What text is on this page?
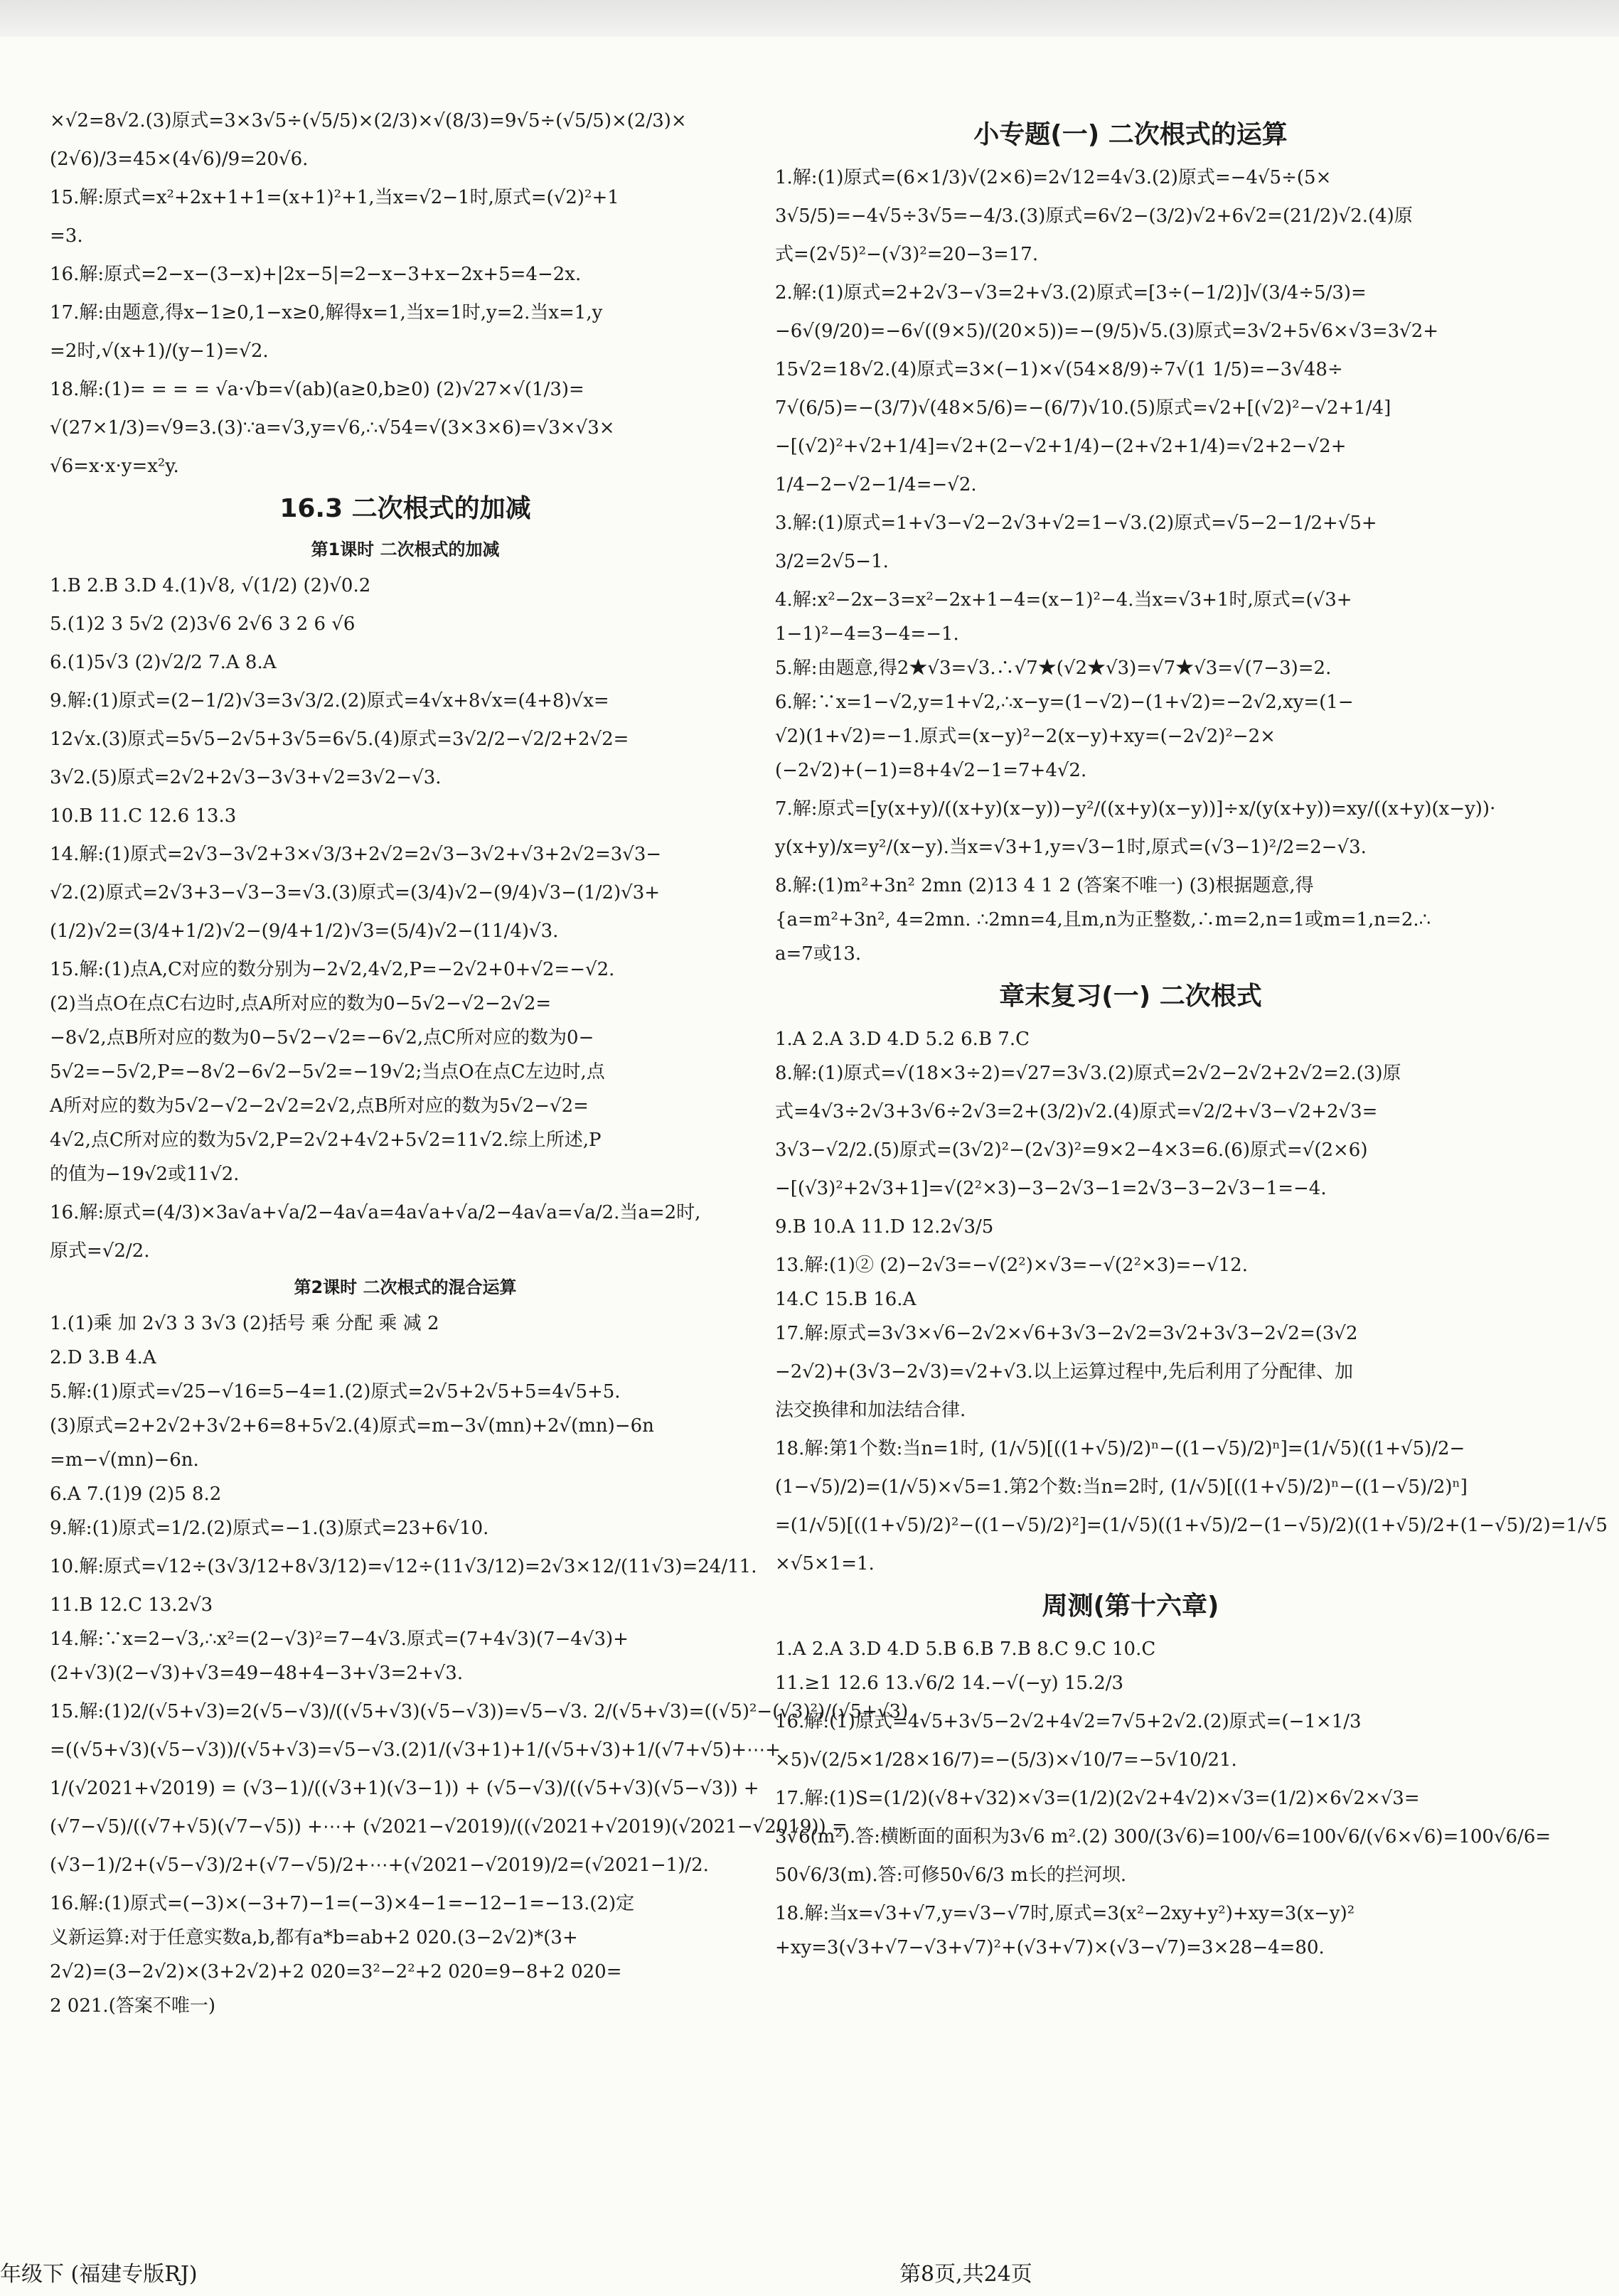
×√2=8√2.(3)原式=3×3√5÷(√5/5)×(2/3)×√(8/3)=9√5÷(√5/5)×(2/3)×
(2√6)/3=45×(4√6)/9=20√6.
15.解:原式=x²+2x+1+1=(x+1)²+1,当x=√2−1时,原式=(√2)²+1
=3.
16.解:原式=2−x−(3−x)+|2x−5|=2−x−3+x−2x+5=4−2x.
17.解:由题意,得x−1≥0,1−x≥0,解得x=1,当x=1时,y=2.当x=1,y
=2时,√(x+1)/(y−1)=√2.
18.解:(1)= = = = √a·√b=√(ab)(a≥0,b≥0) (2)√27×√(1/3)=
√(27×1/3)=√9=3.(3)∵a=√3,y=√6,∴√54=√(3×3×6)=√3×√3×
√6=x·x·y=x²y.
16.3 二次根式的加减
第1课时 二次根式的加减
1.B 2.B 3.D 4.(1)√8, √(1/2) (2)√0.2
5.(1)2 3 5√2 (2)3√6 2√6 3 2 6 √6
6.(1)5√3 (2)√2/2 7.A 8.A
9.解:(1)原式=(2−1/2)√3=3√3/2.(2)原式=4√x+8√x=(4+8)√x=
12√x.(3)原式=5√5−2√5+3√5=6√5.(4)原式=3√2/2−√2/2+2√2=
3√2.(5)原式=2√2+2√3−3√3+√2=3√2−√3.
10.B 11.C 12.6 13.3
14.解:(1)原式=2√3−3√2+3×√3/3+2√2=2√3−3√2+√3+2√2=3√3−
√2.(2)原式=2√3+3−√3−3=√3.(3)原式=(3/4)√2−(9/4)√3−(1/2)√3+
(1/2)√2=(3/4+1/2)√2−(9/4+1/2)√3=(5/4)√2−(11/4)√3.
15.解:(1)点A,C对应的数分别为−2√2,4√2,P=−2√2+0+√2=−√2.
(2)当点O在点C右边时,点A所对应的数为0−5√2−√2−2√2=
−8√2,点B所对应的数为0−5√2−√2=−6√2,点C所对应的数为0−
5√2=−5√2,P=−8√2−6√2−5√2=−19√2;当点O在点C左边时,点
A所对应的数为5√2−√2−2√2=2√2,点B所对应的数为5√2−√2=
4√2,点C所对应的数为5√2,P=2√2+4√2+5√2=11√2.综上所述,P
的值为−19√2或11√2.
16.解:原式=(4/3)×3a√a+√a/2−4a√a=4a√a+√a/2−4a√a=√a/2.当a=2时,
原式=√2/2.
第2课时 二次根式的混合运算
1.(1)乘 加 2√3 3 3√3 (2)括号 乘 分配 乘 减 2
2.D 3.B 4.A
5.解:(1)原式=√25−√16=5−4=1.(2)原式=2√5+2√5+5=4√5+5.
(3)原式=2+2√2+3√2+6=8+5√2.(4)原式=m−3√(mn)+2√(mn)−6n
=m−√(mn)−6n.
6.A 7.(1)9 (2)5 8.2
9.解:(1)原式=1/2.(2)原式=−1.(3)原式=23+6√10.
10.解:原式=√12÷(3√3/12+8√3/12)=√12÷(11√3/12)=2√3×12/(11√3)=24/11.
11.B 12.C 13.2√3
14.解:∵x=2−√3,∴x²=(2−√3)²=7−4√3.原式=(7+4√3)(7−4√3)+
(2+√3)(2−√3)+√3=49−48+4−3+√3=2+√3.
15.解:(1)2/(√5+√3)=2(√5−√3)/((√5+√3)(√5−√3))=√5−√3. 2/(√5+√3)=((√5)²−(√3)²)/(√5+√3)
=((√5+√3)(√5−√3))/(√5+√3)=√5−√3.(2)1/(√3+1)+1/(√5+√3)+1/(√7+√5)+⋯+
1/(√2021+√2019) = (√3−1)/((√3+1)(√3−1)) + (√5−√3)/((√5+√3)(√5−√3)) +
(√7−√5)/((√7+√5)(√7−√5)) +⋯+ (√2021−√2019)/((√2021+√2019)(√2021−√2019)) =
(√3−1)/2+(√5−√3)/2+(√7−√5)/2+⋯+(√2021−√2019)/2=(√2021−1)/2.
16.解:(1)原式=(−3)×(−3+7)−1=(−3)×4−1=−12−1=−13.(2)定
义新运算:对于任意实数a,b,都有a*b=ab+2 020.(3−2√2)*(3+
2√2)=(3−2√2)×(3+2√2)+2 020=3²−2²+2 020=9−8+2 020=
2 021.(答案不唯一)
小专题(一) 二次根式的运算
1.解:(1)原式=(6×1/3)√(2×6)=2√12=4√3.(2)原式=−4√5÷(5×
3√5/5)=−4√5÷3√5=−4/3.(3)原式=6√2−(3/2)√2+6√2=(21/2)√2.(4)原
式=(2√5)²−(√3)²=20−3=17.
2.解:(1)原式=2+2√3−√3=2+√3.(2)原式=[3÷(−1/2)]√(3/4÷5/3)=
−6√(9/20)=−6√((9×5)/(20×5))=−(9/5)√5.(3)原式=3√2+5√6×√3=3√2+
15√2=18√2.(4)原式=3×(−1)×√(54×8/9)÷7√(1 1/5)=−3√48÷
7√(6/5)=−(3/7)√(48×5/6)=−(6/7)√10.(5)原式=√2+[(√2)²−√2+1/4]
−[(√2)²+√2+1/4]=√2+(2−√2+1/4)−(2+√2+1/4)=√2+2−√2+
1/4−2−√2−1/4=−√2.
3.解:(1)原式=1+√3−√2−2√3+√2=1−√3.(2)原式=√5−2−1/2+√5+
3/2=2√5−1.
4.解:x²−2x−3=x²−2x+1−4=(x−1)²−4.当x=√3+1时,原式=(√3+
1−1)²−4=3−4=−1.
5.解:由题意,得2★√3=√3.∴√7★(√2★√3)=√7★√3=√(7−3)=2.
6.解:∵x=1−√2,y=1+√2,∴x−y=(1−√2)−(1+√2)=−2√2,xy=(1−
√2)(1+√2)=−1.原式=(x−y)²−2(x−y)+xy=(−2√2)²−2×
(−2√2)+(−1)=8+4√2−1=7+4√2.
7.解:原式=[y(x+y)/((x+y)(x−y))−y²/((x+y)(x−y))]÷x/(y(x+y))=xy/((x+y)(x−y))·
y(x+y)/x=y²/(x−y).当x=√3+1,y=√3−1时,原式=(√3−1)²/2=2−√3.
8.解:(1)m²+3n² 2mn (2)13 4 1 2 (答案不唯一) (3)根据题意,得
{a=m²+3n², 4=2mn. ∴2mn=4,且m,n为正整数,∴m=2,n=1或m=1,n=2.∴
a=7或13.
章末复习(一) 二次根式
1.A 2.A 3.D 4.D 5.2 6.B 7.C
8.解:(1)原式=√(18×3÷2)=√27=3√3.(2)原式=2√2−2√2+2√2=2.(3)原
式=4√3÷2√3+3√6÷2√3=2+(3/2)√2.(4)原式=√2/2+√3−√2+2√3=
3√3−√2/2.(5)原式=(3√2)²−(2√3)²=9×2−4×3=6.(6)原式=√(2×6)
−[(√3)²+2√3+1]=√(2²×3)−3−2√3−1=2√3−3−2√3−1=−4.
9.B 10.A 11.D 12.2√3/5
13.解:(1)② (2)−2√3=−√(2²)×√3=−√(2²×3)=−√12.
14.C 15.B 16.A
17.解:原式=3√3×√6−2√2×√6+3√3−2√2=3√2+3√3−2√2=(3√2
−2√2)+(3√3−2√3)=√2+√3.以上运算过程中,先后利用了分配律、加
法交换律和加法结合律.
18.解:第1个数:当n=1时, (1/√5)[((1+√5)/2)ⁿ−((1−√5)/2)ⁿ]=(1/√5)((1+√5)/2−
(1−√5)/2)=(1/√5)×√5=1.第2个数:当n=2时, (1/√5)[((1+√5)/2)ⁿ−((1−√5)/2)ⁿ]
=(1/√5)[((1+√5)/2)²−((1−√5)/2)²]=(1/√5)((1+√5)/2−(1−√5)/2)((1+√5)/2+(1−√5)/2)=1/√5
×√5×1=1.
周测(第十六章)
1.A 2.A 3.D 4.D 5.B 6.B 7.B 8.C 9.C 10.C
11.≥1 12.6 13.√6/2 14.−√(−y) 15.2/3
16.解:(1)原式=4√5+3√5−2√2+4√2=7√5+2√2.(2)原式=(−1×1/3
×5)√(2/5×1/28×16/7)=−(5/3)×√10/7=−5√10/21.
17.解:(1)S=(1/2)(√8+√32)×√3=(1/2)(2√2+4√2)×√3=(1/2)×6√2×√3=
3√6(m²).答:横断面的面积为3√6 m².(2) 300/(3√6)=100/√6=100√6/(√6×√6)=100√6/6=
50√6/3(m).答:可修50√6/3 m长的拦河坝.
18.解:当x=√3+√7,y=√3−√7时,原式=3(x²−2xy+y²)+xy=3(x−y)²
+xy=3(√3+√7−√3+√7)²+(√3+√7)×(√3−√7)=3×28−4=80.
年级下 (福建专版RJ)	第8页,共24页
